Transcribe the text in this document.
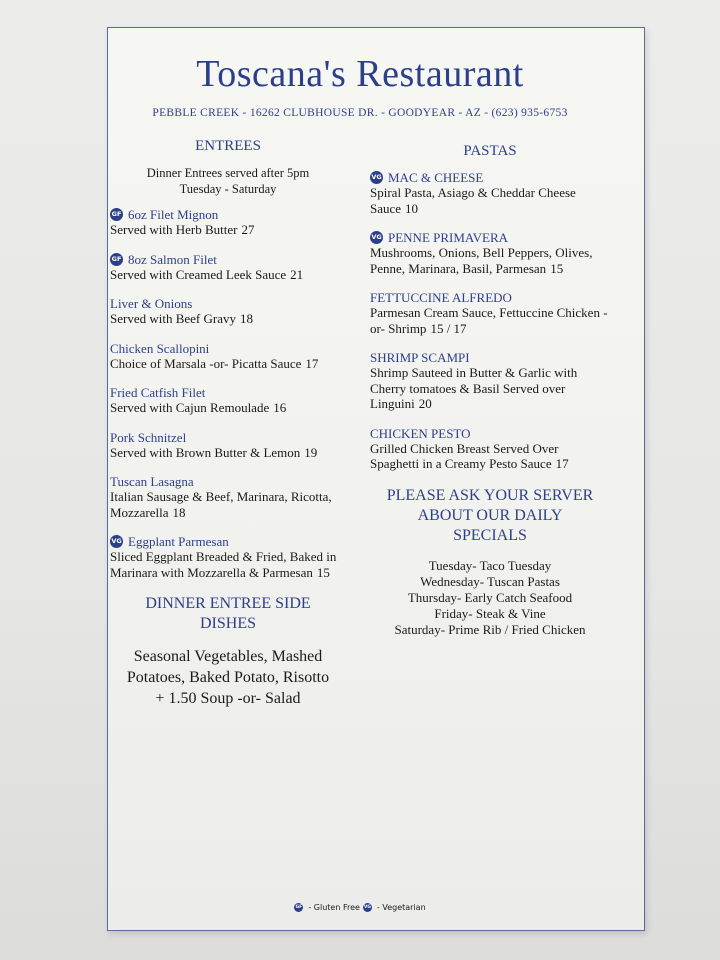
Toscana's Restaurant
PEBBLE CREEK - 16262 CLUBHOUSE DR. - GOODYEAR - AZ - (623) 935-6753
ENTREES
Dinner Entrees served after 5pm
Tuesday - Saturday
GF 6oz Filet Mignon
Served with Herb Butter 27
GF 8oz Salmon Filet
Served with Creamed Leek Sauce 21
Liver & Onions
Served with Beef Gravy 18
Chicken Scallopini
Choice of Marsala -or- Picatta Sauce 17
Fried Catfish Filet
Served with Cajun Remoulade 16
Pork Schnitzel
Served with Brown Butter & Lemon 19
Tuscan Lasagna
Italian Sausage & Beef, Marinara, Ricotta, Mozzarella 18
VG Eggplant Parmesan
Sliced Eggplant Breaded & Fried, Baked in Marinara with Mozzarella & Parmesan 15
DINNER ENTREE SIDE
DISHES
Seasonal Vegetables, Mashed
Potatoes, Baked Potato, Risotto
+ 1.50 Soup -or- Salad
PASTAS
VG MAC & CHEESE
Spiral Pasta, Asiago & Cheddar Cheese Sauce 10
VG PENNE PRIMAVERA
Mushrooms, Onions, Bell Peppers, Olives, Penne, Marinara, Basil, Parmesan 15
FETTUCCINE ALFREDO
Parmesan Cream Sauce, Fettuccine Chicken -or- Shrimp 15 / 17
SHRIMP SCAMPI
Shrimp Sauteed in Butter & Garlic with Cherry tomatoes & Basil Served over Linguini 20
CHICKEN PESTO
Grilled Chicken Breast Served Over Spaghetti in a Creamy Pesto Sauce 17
PLEASE ASK YOUR SERVER
ABOUT OUR DAILY
SPECIALS
Tuesday- Taco Tuesday
Wednesday- Tuscan Pastas
Thursday- Early Catch Seafood
Friday- Steak & Vine
Saturday- Prime Rib / Fried Chicken
GF - Gluten Free VG - Vegetarian
